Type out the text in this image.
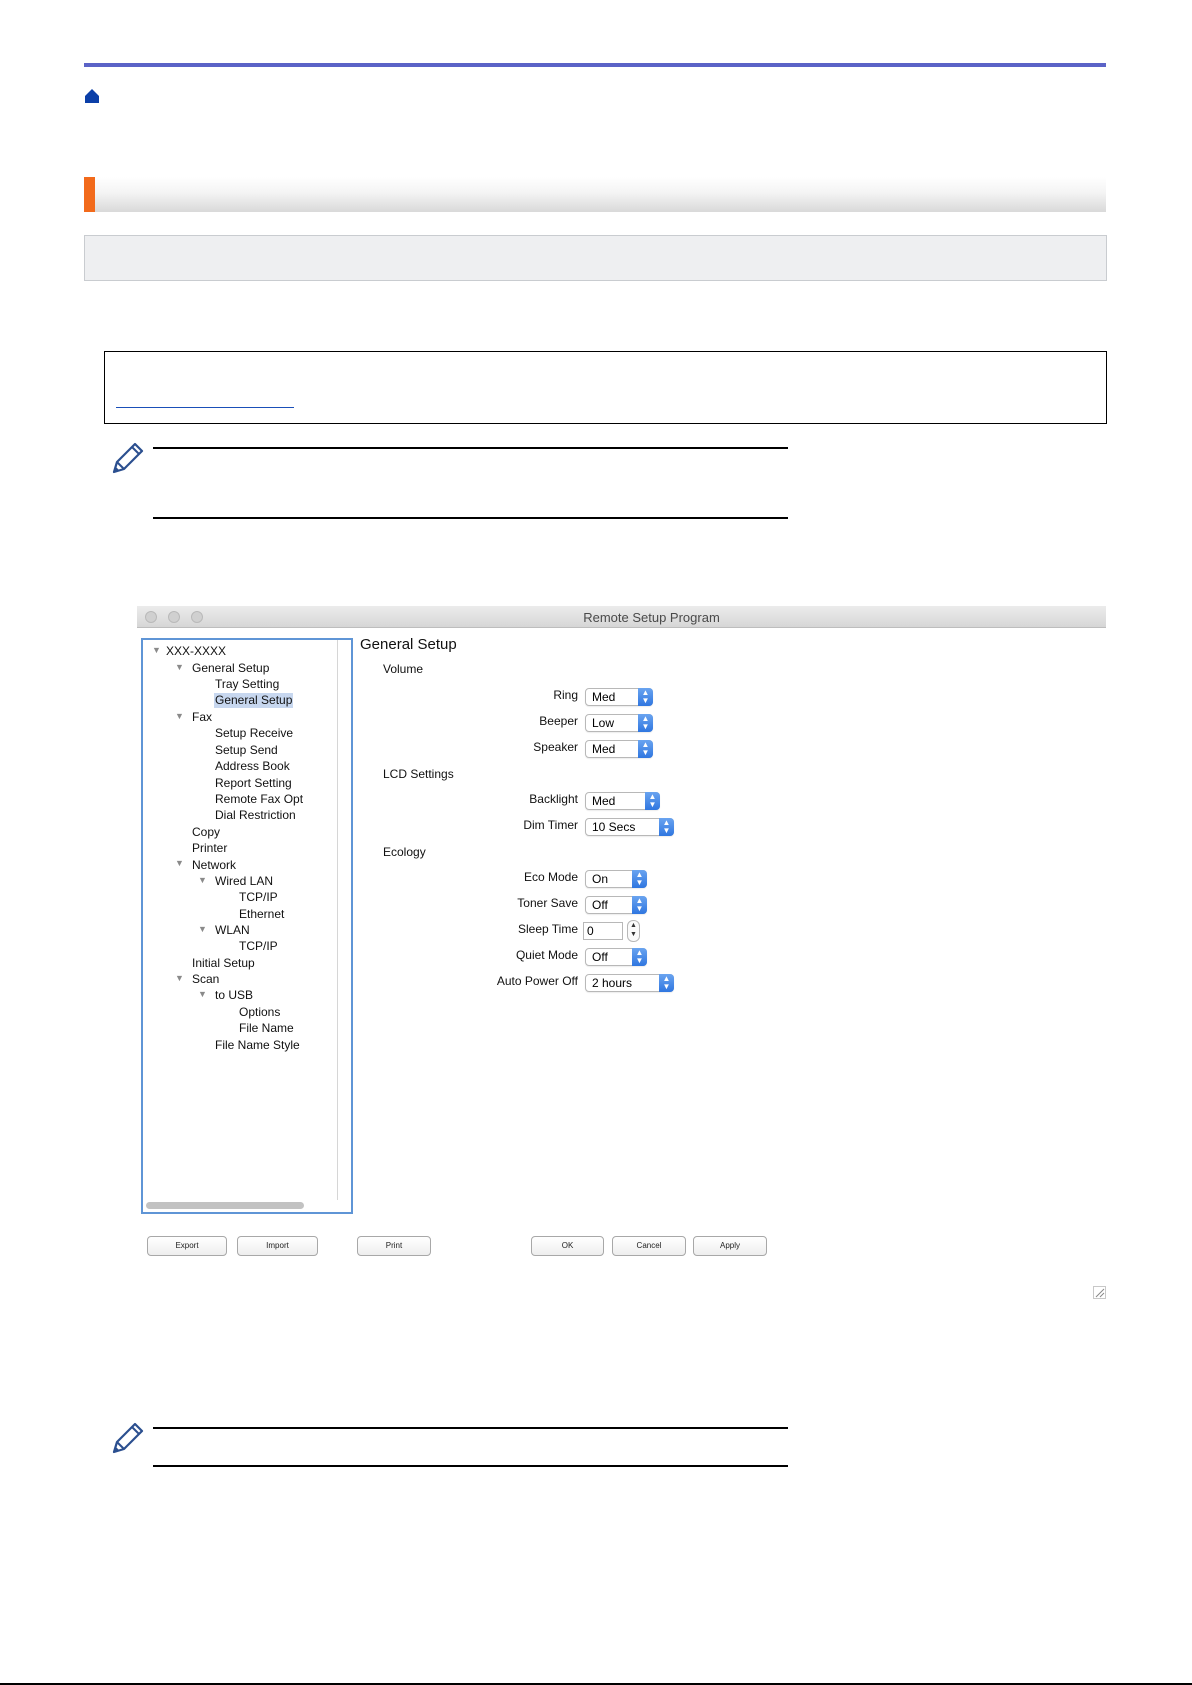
Remote Setup Program
▼ XXX-XXXX
▼ General Setup
Tray Setting
General Setup
▼ Fax
Setup Receive
Setup Send
Address Book
Report Setting
Remote Fax Opt
Dial Restriction
Copy
Printer
▼ Network
▼ Wired LAN
TCP/IP
Ethernet
▼ WLAN
TCP/IP
Initial Setup
▼ Scan
▼ to USB
Options
File Name
File Name Style
General Setup
Volume
Ring	Med	▲
▼
Beeper	Low	▲
▼
Speaker	Med	▲
▼
LCD Settings
Backlight	Med	▲
▼
Dim Timer	10 Secs	▲
▼
Ecology
Eco Mode	On	▲
▼
Toner Save	Off	▲
▼
Sleep Time 0	▲
▼
Quiet Mode	Off	▲
▼
Auto Power Off	2 hours	▲
▼
Export	Import	Print	OK	Cancel	Apply
